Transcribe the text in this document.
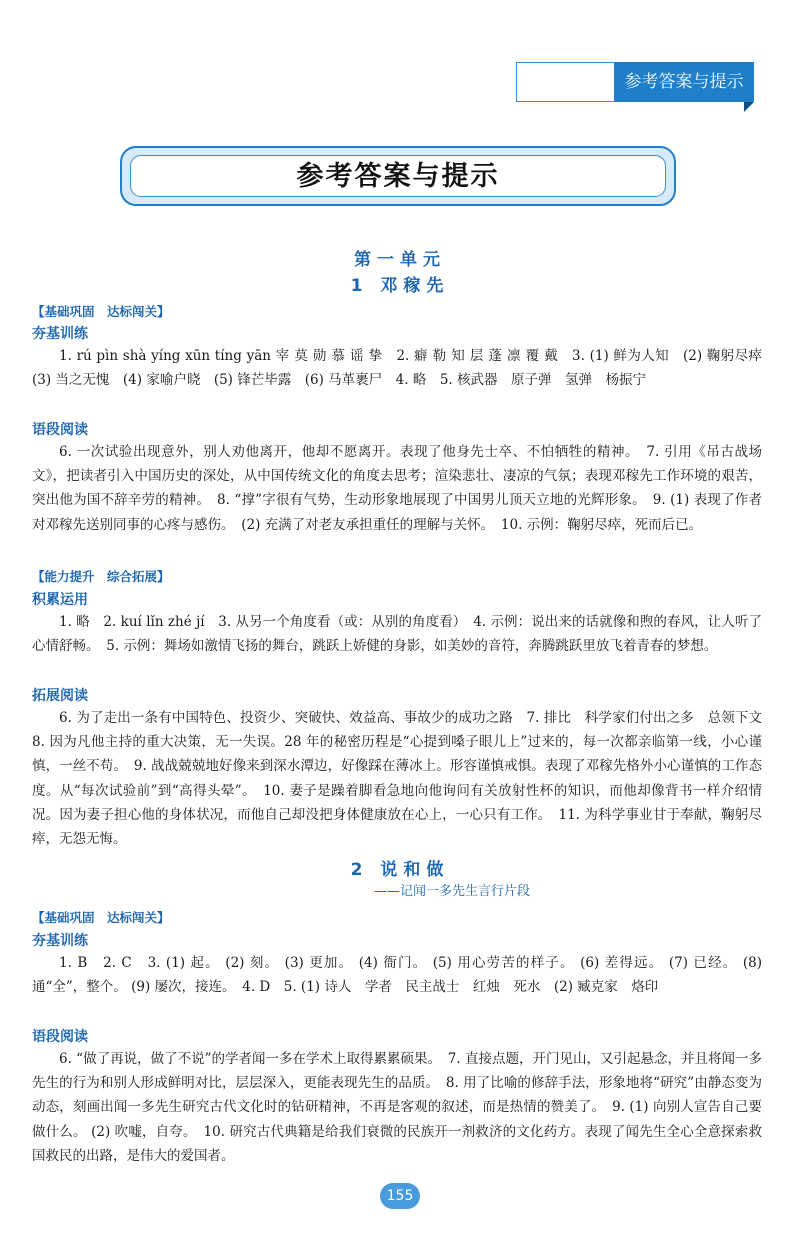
参考答案与提示
参考答案与提示
第一单元
1 邓稼先
【基础巩固　达标闯关】
夯基训练
1. rú pìn shà yíng xūn tíng yān 宰 莫 勋 慕 谣 挚　2. 癖 勒 知 层 蓬 凛 覆 戴　3. (1) 鲜为人知　(2) 鞠躬尽瘁　(3) 当之无愧　(4) 家喻户晓　(5) 锋芒毕露　(6) 马革裹尸　4. 略　5. 核武器　原子弹　氢弹　杨振宁
语段阅读
6. 一次试验出现意外，别人劝他离开，他却不愿离开。表现了他身先士卒、不怕牺牲的精神。　7. 引用《吊古战场文》，把读者引入中国历史的深处，从中国传统文化的角度去思考；渲染悲壮、凄凉的气氛；表现邓稼先工作环境的艰苦，突出他为国不辞辛劳的精神。　8. “撑”字很有气势，生动形象地展现了中国男儿顶天立地的光辉形象。　9. (1) 表现了作者对邓稼先送别同事的心疼与感伤。　(2) 充满了对老友承担重任的理解与关怀。　10. 示例：鞠躬尽瘁，死而后已。
【能力提升　综合拓展】
积累运用
1. 略　2. kuí lǐn zhé jí　3. 从另一个角度看（或：从别的角度看）　4. 示例：说出来的话就像和煦的春风，让人听了心情舒畅。　5. 示例：舞场如激情飞扬的舞台，跳跃上娇健的身影，如美妙的音符，奔腾跳跃里放飞着青春的梦想。
拓展阅读
6. 为了走出一条有中国特色、投资少、突破快、效益高、事故少的成功之路　7. 排比　科学家们付出之多　总领下文　8. 因为凡他主持的重大决策，无一失误。28 年的秘密历程是“心提到嗓子眼儿上”过来的，每一次都亲临第一线，小心谨慎，一丝不苟。　9. 战战兢兢地好像来到深水潭边，好像踩在薄冰上。形容谨慎戒惧。表现了邓稼先格外小心谨慎的工作态度。从“每次试验前”到“高得头晕”。　10. 妻子是躁着脚看急地向他询问有关放射性杯的知识，而他却像背书一样介绍情况。因为妻子担心他的身体状况，而他自己却没把身体健康放在心上，一心只有工作。　11. 为科学事业甘于奉献，鞠躬尽瘁，无怨无悔。
2 说和做
——记闻一多先生言行片段
【基础巩固　达标闯关】
夯基训练
1. B　2. C　3. (1) 起。 (2) 刻。 (3) 更加。 (4) 衙门。 (5) 用心劳苦的样子。 (6) 差得远。 (7) 已经。 (8) 通“全”，整个。 (9) 屡次，接连。　4. D　5. (1) 诗人　学者　民主战士　红烛　死水　(2) 臧克家　烙印
语段阅读
6. “做了再说，做了不说”的学者闻一多在学术上取得累累硕果。　7. 直接点题，开门见山，又引起悬念，并且将闻一多先生的行为和别人形成鲜明对比，层层深入，更能表现先生的品质。　8. 用了比喻的修辞手法，形象地将“研究”由静态变为动态，刻画出闻一多先生研究古代文化时的钻研精神，不再是客观的叙述，而是热情的赞美了。　9. (1) 向别人宣告自己要做什么。 (2) 吹嘘，自夸。　10. 研究古代典籍是给我们衰微的民族开一剂救济的文化药方。表现了闻先生全心全意探索救国救民的出路，是伟大的爱国者。
155
